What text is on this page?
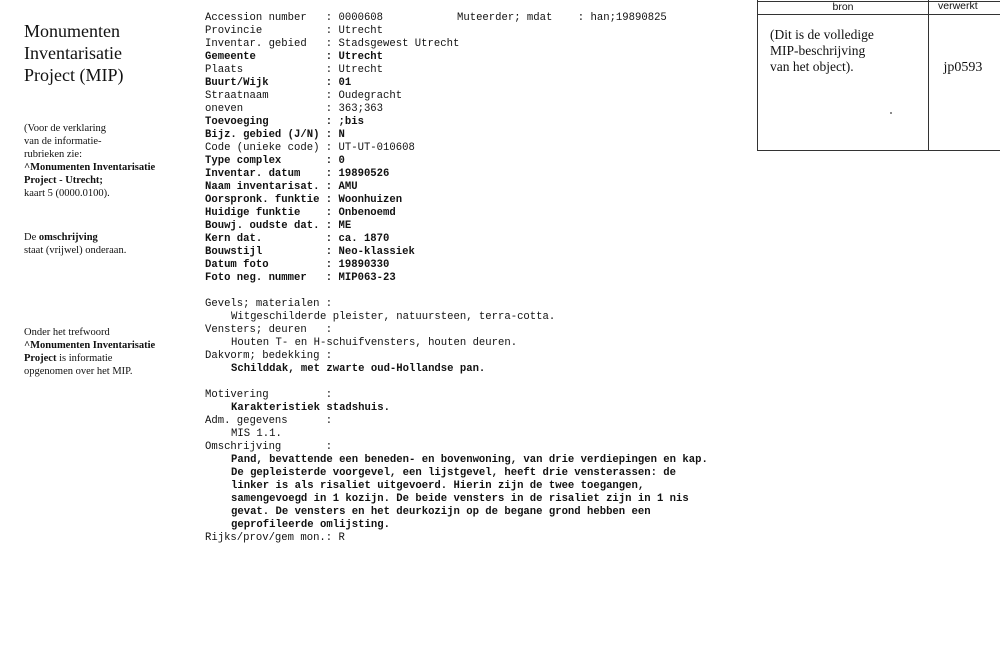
Monumenten
Inventarisatie
Project (MIP)
(Voor de verklaring
van de informatie-
rubrieken zie:
^Monumenten Inventarisatie
Project - Utrecht;
kaart 5 (0000.0100).
De omschrijving
staat (vrijwel) onderaan.
Onder het trefwoord
^Monumenten Inventarisatie
Project is informatie
opgenomen over het MIP.
Muteerder; mdat    : han;19890825
Accession number   : 0000608
Provincie          : Utrecht
Inventar. gebied   : Stadsgewest Utrecht
Gemeente           : Utrecht
Plaats             : Utrecht
Buurt/Wijk         : 01
Straatnaam         : Oudegracht
oneven             : 363;363
Toevoeging         : ;bis
Bijz. gebied (J/N) : N
Code (unieke code) : UT-UT-010608
Type complex       : 0
Inventar. datum    : 19890526
Naam inventarisat. : AMU
Oorspronk. funktie : Woonhuizen
Huidige funktie    : Onbenoemd
Bouwj. oudste dat. : ME
Kern dat.          : ca. 1870
Bouwstijl          : Neo-klassiek
Datum foto         : 19890330
Foto neg. nummer   : MIP063-23
Gevels; materialen :
Witgeschilderde pleister, natuursteen, terra-cotta.
Vensters; deuren   :
Houten T- en H-schuifvensters, houten deuren.
Dakvorm; bedekking :
Schilddak, met zwarte oud-Hollandse pan.
Motivering         :
Karakteristiek stadshuis.
Adm. gegevens      :
MIS 1.1.
Omschrijving       :
Pand, bevattende een beneden- en bovenwoning, van drie verdiepingen en kap.
De gepleisterde voorgevel, een lijstgevel, heeft drie vensterassen: de
linker is als risaliet uitgevoerd. Hierin zijn de twee toegangen,
samengevoegd in 1 kozijn. De beide vensters in de risaliet zijn in 1 nis
gevat. De vensters en het deurkozijn op de begane grond hebben een
geprofileerde omlijsting.
Rijks/prov/gem mon.: R
bron	verwerkt
(Dit is de volledige
MIP-beschrijving
van het object).	jp0593
